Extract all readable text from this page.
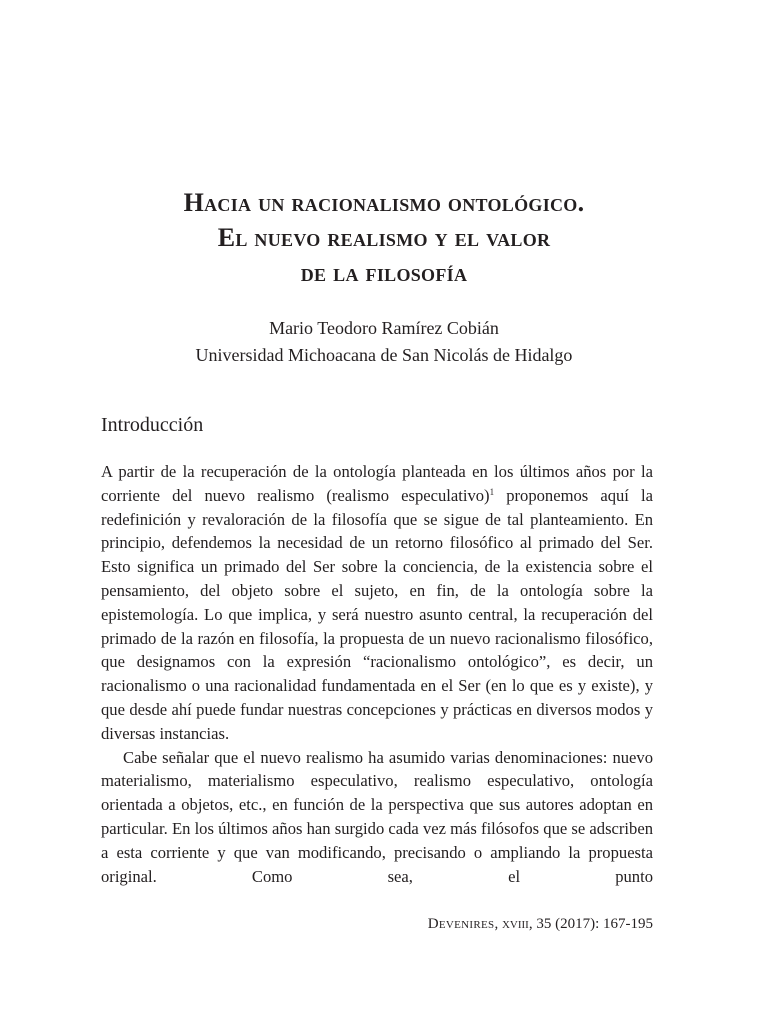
Hacia un racionalismo ontológico.
El nuevo realismo y el valor
de la filosofía
Mario Teodoro Ramírez Cobián
Universidad Michoacana de San Nicolás de Hidalgo
Introducción

A partir de la recuperación de la ontología planteada en los últimos años por la corriente del nuevo realismo (realismo especulativo)$^1$ proponemos aquí la redefinición y revaloración de la filosofía que se sigue de tal planteamiento. En principio, defendemos la necesidad de un retorno filosófico al primado del Ser. Esto significa un primado del Ser sobre la conciencia, de la existencia sobre el pensamiento, del objeto sobre el sujeto, en fin, de la ontología sobre la epistemología. Lo que implica, y será nuestro asunto central, la recuperación del primado de la razón en filosofía, la propuesta de un nuevo racionalismo filosófico, que designamos con la expresión “racionalismo ontológico”, es decir, un racionalismo o una racionalidad fundamentada en el Ser (en lo que es y existe), y que desde ahí puede fundar nuestras concepciones y prácticas en diversos modos y diversas instancias.

Cabe señalar que el nuevo realismo ha asumido varias denominaciones: nuevo materialismo, materialismo especulativo, realismo especulativo, ontología orientada a objetos, etc., en función de la perspectiva que sus autores adoptan en particular. En los últimos años han surgido cada vez más filósofos que se adscriben a esta corriente y que van modificando, precisando o ampliando la propuesta original. Como sea, el punto

Devenires, xviii, 35 (2017): 167-195
